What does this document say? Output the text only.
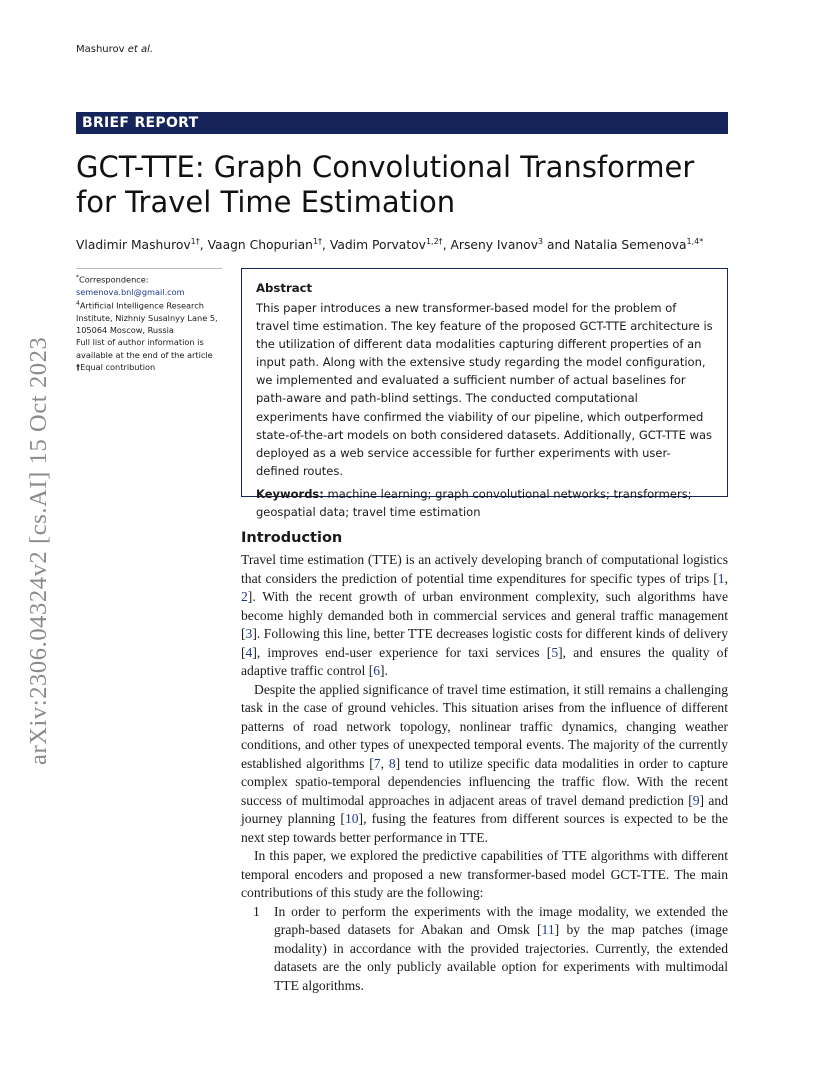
Mashurov et al.
BRIEF REPORT
GCT-TTE: Graph Convolutional Transformer for Travel Time Estimation
Vladimir Mashurov$^{1\dagger}$, Vaagn Chopurian$^{1\dagger}$, Vadim Porvatov$^{1,2\dagger}$, Arseny Ivanov$^3$ and Natalia Semenova$^{1,4*}$
*Correspondence:
semenova.bnl@gmail.com
$^4$Artificial Intelligence Research
Institute, Nizhniy Susalnyy Lane 5,
105064 Moscow, Russia
Full list of author information is
available at the end of the article
†Equal contribution
arXiv:2306.04324v2 [cs.AI] 15 Oct 2023
Abstract

This paper introduces a new transformer-based model for the problem of travel time estimation. The key feature of the proposed GCT-TTE architecture is the utilization of different data modalities capturing different properties of an input path. Along with the extensive study regarding the model configuration, we implemented and evaluated a sufficient number of actual baselines for path-aware and path-blind settings. The conducted computational experiments have confirmed the viability of our pipeline, which outperformed state-of-the-art models on both considered datasets. Additionally, GCT-TTE was deployed as a web service accessible for further experiments with user-defined routes.

Keywords: machine learning; graph convolutional networks; transformers; geospatial data; travel time estimation

Introduction

Travel time estimation (TTE) is an actively developing branch of computational logistics that considers the prediction of potential time expenditures for specific types of trips [1, 2]. With the recent growth of urban environment complexity, such algorithms have become highly demanded both in commercial services and general traffic management [3]. Following this line, better TTE decreases logistic costs for different kinds of delivery [4], improves end-user experience for taxi services [5], and ensures the quality of adaptive traffic control [6].

Despite the applied significance of travel time estimation, it still remains a challenging task in the case of ground vehicles. This situation arises from the influence of different patterns of road network topology, nonlinear traffic dynamics, changing weather conditions, and other types of unexpected temporal events. The majority of the currently established algorithms [7, 8] tend to utilize specific data modalities in order to capture complex spatio-temporal dependencies influencing the traffic flow. With the recent success of multimodal approaches in adjacent areas of travel demand prediction [9] and journey planning [10], fusing the features from different sources is expected to be the next step towards better performance in TTE.

In this paper, we explored the predictive capabilities of TTE algorithms with different temporal encoders and proposed a new transformer-based model GCT-TTE. The main contributions of this study are the following:

1 In order to perform the experiments with the image modality, we extended the graph-based datasets for Abakan and Omsk [11] by the map patches (image modality) in accordance with the provided trajectories. Currently, the extended datasets are the only publicly available option for experiments with multimodal TTE algorithms.
